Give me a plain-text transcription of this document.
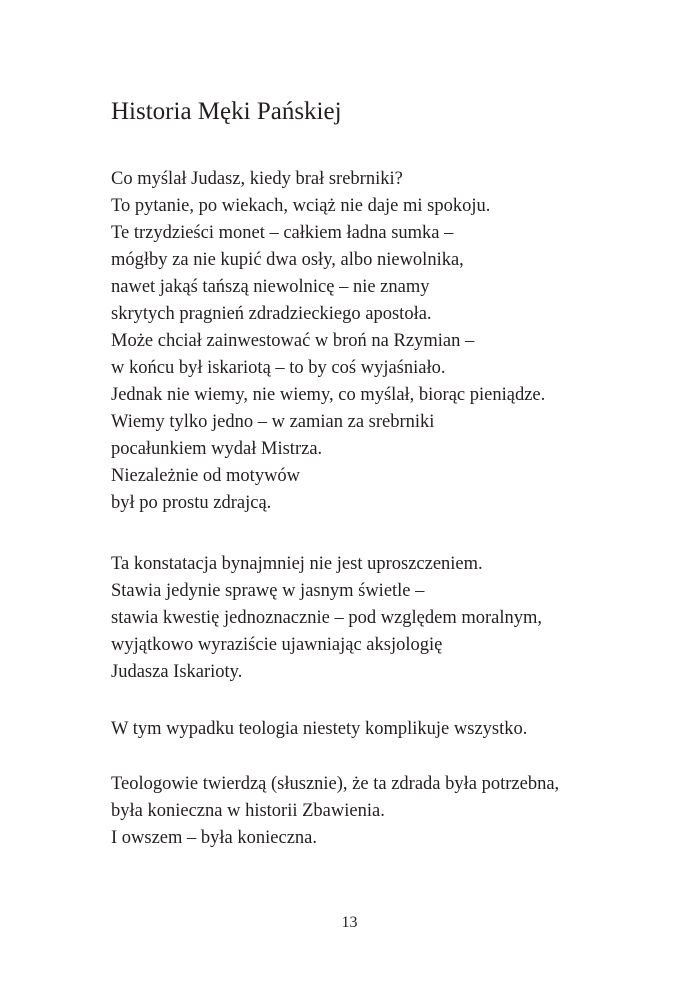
Historia Męki Pańskiej
Co myślał Judasz, kiedy brał srebrniki?
To pytanie, po wiekach, wciąż nie daje mi spokoju.
Te trzydzieści monet – całkiem ładna sumka –
mógłby za nie kupić dwa osły, albo niewolnika,
nawet jakąś tańszą niewolnicę – nie znamy
skrytych pragnień zdradzieckiego apostoła.
Może chciał zainwestować w broń na Rzymian –
w końcu był iskariotą – to by coś wyjaśniało.
Jednak nie wiemy, nie wiemy, co myślał, biorąc pieniądze.
Wiemy tylko jedno – w zamian za srebrniki
pocałunkiem wydał Mistrza.
Niezależnie od motywów
był po prostu zdrajcą.
Ta konstatacja bynajmniej nie jest uproszczeniem.
Stawia jedynie sprawę w jasnym świetle –
stawia kwestię jednoznacznie – pod względem moralnym,
wyjątkowo wyraziście ujawniając aksjologię
Judasza Iskarioty.
W tym wypadku teologia niestety komplikuje wszystko.
Teologowie twierdzą (słusznie), że ta zdrada była potrzebna,
była konieczna w historii Zbawienia.
I owszem – była konieczna.
13
